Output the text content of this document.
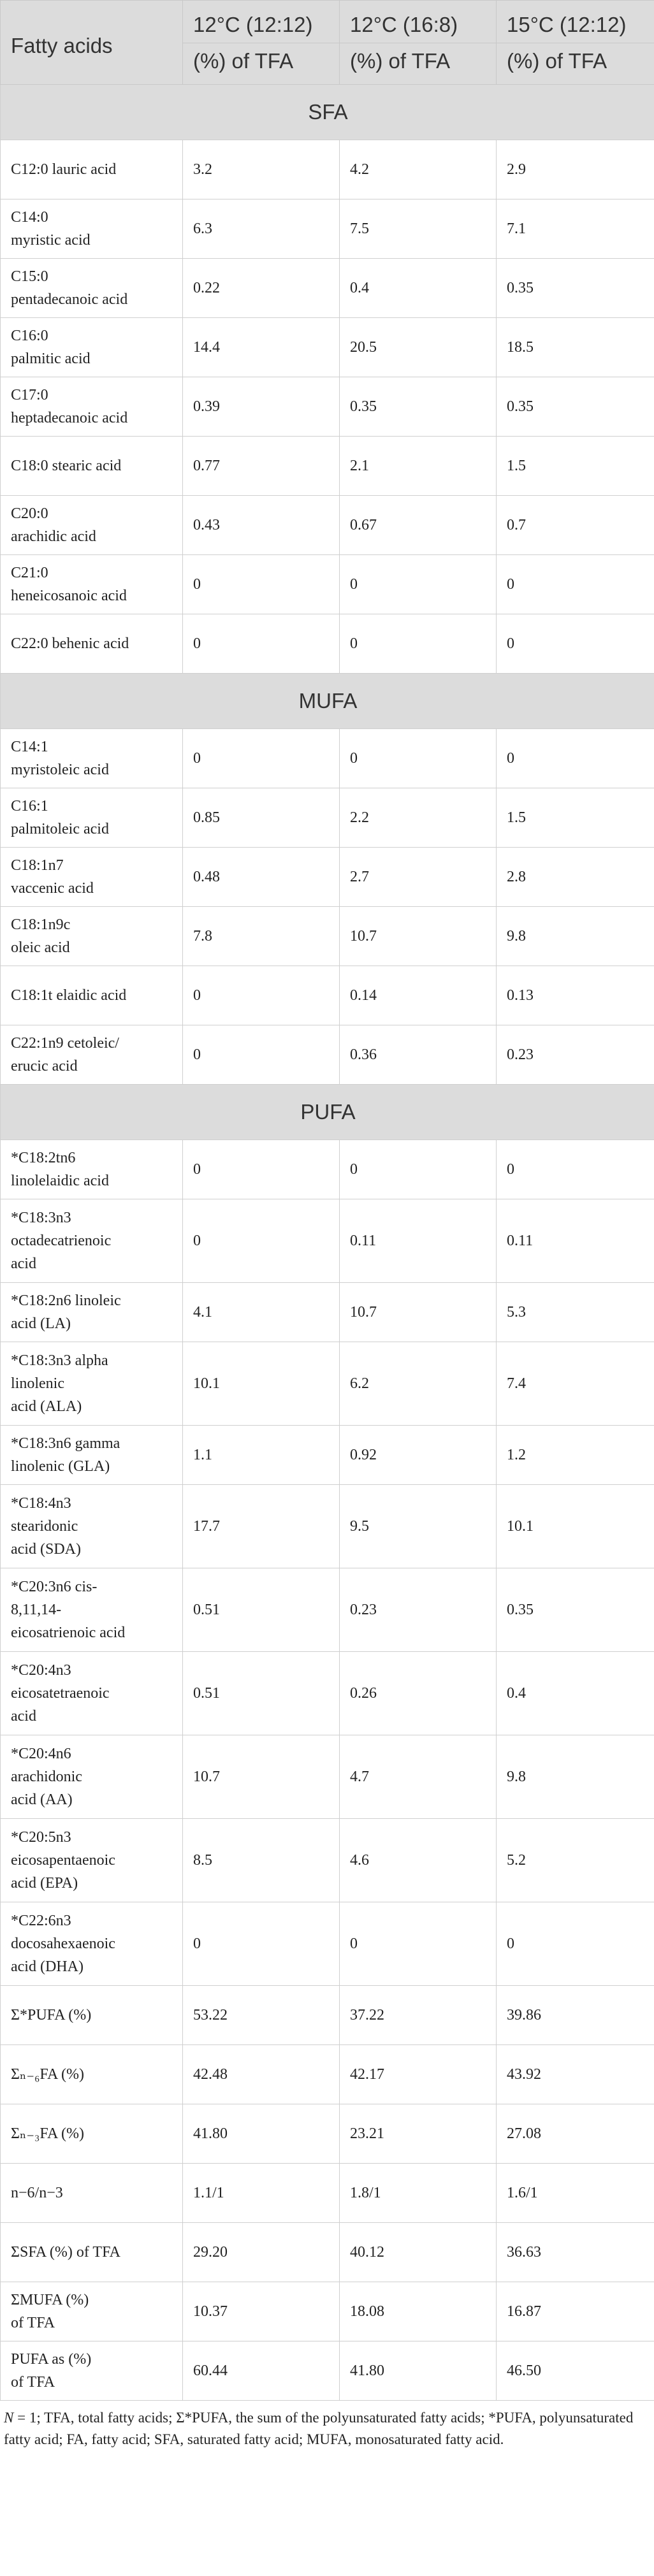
Fatty acids	12°C (12:12)	12°C (16:8)	15°C (12:12)
	(%) of TFA	(%) of TFA	(%) of TFA
SFA			
C12:0 lauric acid	3.2	4.2	2.9
C14:0
myristic acid	6.3	7.5	7.1
C15:0
pentadecanoic acid	0.22	0.4	0.35
C16:0
palmitic acid	14.4	20.5	18.5
C17:0
heptadecanoic acid	0.39	0.35	0.35
C18:0 stearic acid	0.77	2.1	1.5
C20:0
arachidic acid	0.43	0.67	0.7
C21:0
heneicosanoic acid	0	0	0
C22:0 behenic acid	0	0	0
MUFA			
C14:1
myristoleic acid	0	0	0
C16:1
palmitoleic acid	0.85	2.2	1.5
C18:1n7
vaccenic acid	0.48	2.7	2.8
C18:1n9c
oleic acid	7.8	10.7	9.8
C18:1t elaidic acid	0	0.14	0.13
C22:1n9 cetoleic/
erucic acid	0	0.36	0.23
PUFA			
*C18:2tn6
linolelaidic acid	0	0	0
*C18:3n3
octadecatrienoic
acid	0	0.11	0.11
*C18:2n6 linoleic
acid (LA)	4.1	10.7	5.3
*C18:3n3 alpha
linolenic
acid (ALA)	10.1	6.2	7.4
*C18:3n6 gamma
linolenic (GLA)	1.1	0.92	1.2
*C18:4n3
stearidonic
acid (SDA)	17.7	9.5	10.1
*C20:3n6 cis-
8,11,14-
eicosatrienoic acid	0.51	0.23	0.35
*C20:4n3
eicosatetraenoic
acid	0.51	0.26	0.4
*C20:4n6
arachidonic
acid (AA)	10.7	4.7	9.8
*C20:5n3
eicosapentaenoic
acid (EPA)	8.5	4.6	5.2
*C22:6n3
docosahexaenoic
acid (DHA)	0	0	0
Σ*PUFA (%)	53.22	37.22	39.86
Σₙ₋₆FA (%)	42.48	42.17	43.92
Σₙ₋₃FA (%)	41.80	23.21	27.08
n−6/n−3	1.1/1	1.8/1	1.6/1
ΣSFA (%) of TFA	29.20	40.12	36.63
ΣMUFA (%)
of TFA	10.37	18.08	16.87
PUFA as (%)
of TFA	60.44	41.80	46.50
N = 1; TFA, total fatty acids; Σ*PUFA, the sum of the polyunsaturated fatty acids; *PUFA, polyunsaturated fatty acid; FA, fatty acid; SFA, saturated fatty acid; MUFA, monosaturated fatty acid.
